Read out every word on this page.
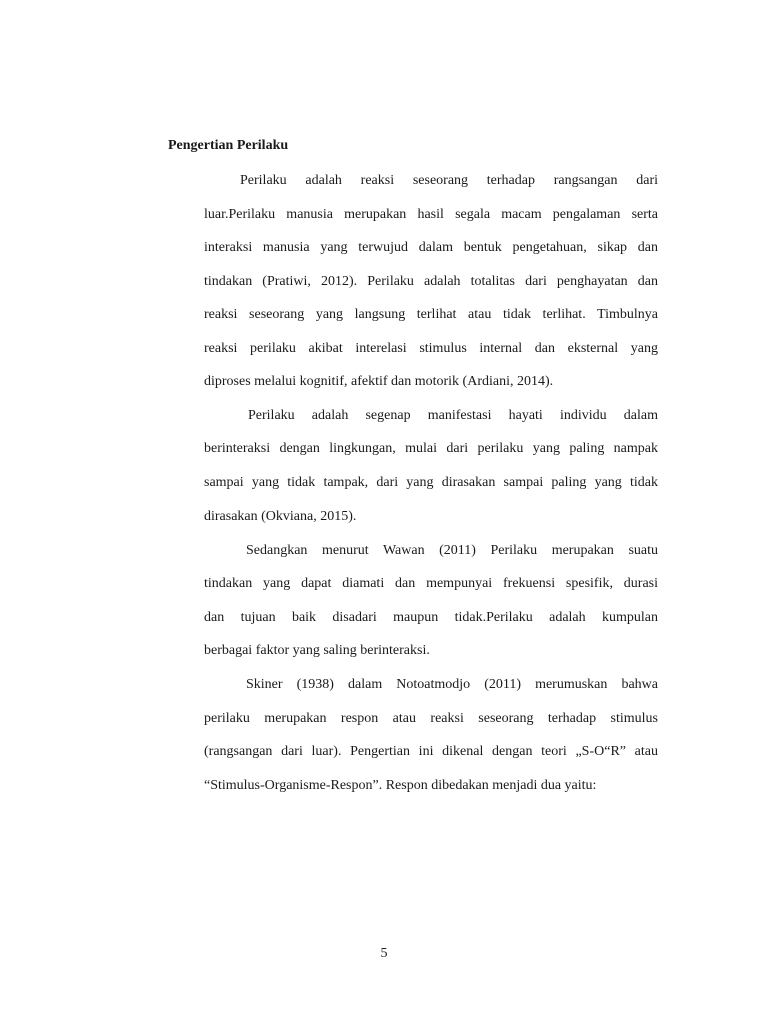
Pengertian Perilaku
Perilaku adalah reaksi seseorang terhadap rangsangan dari
luar.Perilaku manusia merupakan hasil segala macam pengalaman serta
interaksi manusia yang terwujud dalam bentuk pengetahuan, sikap dan
tindakan (Pratiwi, 2012). Perilaku adalah totalitas dari penghayatan dan
reaksi seseorang yang langsung terlihat atau tidak terlihat. Timbulnya
reaksi perilaku akibat interelasi stimulus internal dan eksternal yang
diproses melalui kognitif, afektif dan motorik (Ardiani, 2014).
Perilaku adalah segenap manifestasi hayati individu dalam
berinteraksi dengan lingkungan, mulai dari perilaku yang paling nampak
sampai yang tidak tampak, dari yang dirasakan sampai paling yang tidak
dirasakan (Okviana, 2015).
Sedangkan menurut Wawan (2011) Perilaku merupakan suatu
tindakan yang dapat diamati dan mempunyai frekuensi spesifik, durasi
dan tujuan baik disadari maupun tidak.Perilaku adalah kumpulan
berbagai faktor yang saling berinteraksi.
Skiner (1938) dalam Notoatmodjo (2011) merumuskan bahwa
perilaku merupakan respon atau reaksi seseorang terhadap stimulus
(rangsangan dari luar). Pengertian ini dikenal dengan teori „S-O“R” atau
“Stimulus-Organisme-Respon”. Respon dibedakan menjadi dua yaitu:
5
